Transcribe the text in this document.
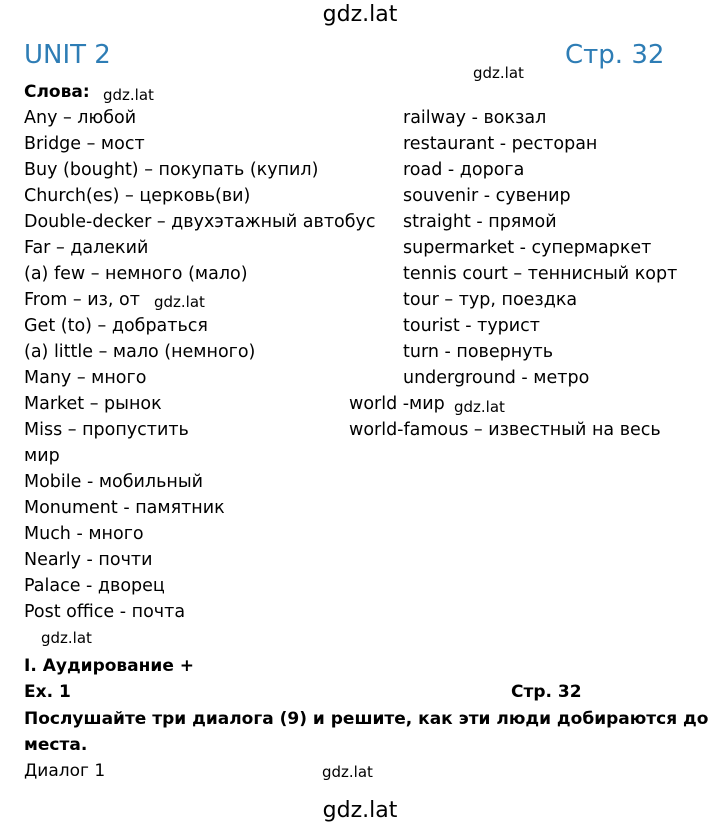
gdz.lat
UNIT 2	Стр. 32
gdz.lat
Слова: gdz.lat
Any – любой
Bridge – мост
Buy (bought) – покупать (купил)
Church(es) – церковь(ви)
Double-decker – двухэтажный автобус
Far – далекий
(a) few – немного (мало)
From – из, от
Get (to) – добраться
(a) little – мало (немного)
Many – много
Market – рынок
Miss – пропустить
мир
Mobile - мобильный
Monument - памятник
Much - много
Nearly - почти
Palace - дворец
Post office - почта
gdz.lat
railway - вокзал
restaurant - ресторан
road - дорога
souvenir - сувенир
straight - прямой
supermarket - супермаркет
tennis court – теннисный корт
tour – тур, поездка
tourist - турист
turn - повернуть
underground - метро
world -мир
world-famous – известный на весь
gdz.lat
gdz.lat
I. Аудирование +
Ex. 1	Стр. 32
Послушайте три диалога (9) и решите, как эти люди добираются до
места.
Диалог 1	gdz.lat
gdz.lat
